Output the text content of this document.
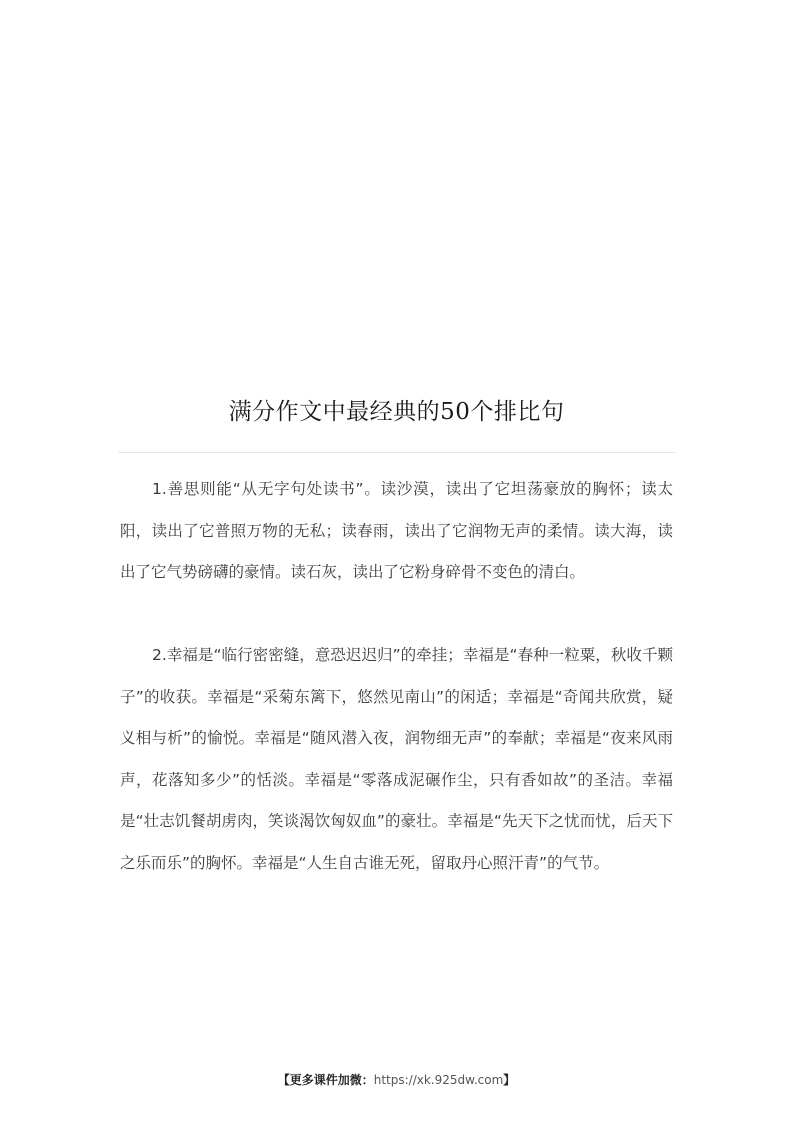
满分作文中最经典的50个排比句

1.善思则能“从无字句处读书”。读沙漠，读出了它坦荡豪放的胸怀；读太阳，读出了它普照万物的无私；读春雨，读出了它润物无声的柔情。读大海，读出了它气势磅礴的豪情。读石灰，读出了它粉身碎骨不变色的清白。

2.幸福是“临行密密缝，意恐迟迟归”的牵挂；幸福是“春种一粒粟，秋收千颗子”的收获。幸福是“采菊东篱下，悠然见南山”的闲适；幸福是“奇闻共欣赏，疑义相与析”的愉悦。幸福是“随风潜入夜，润物细无声”的奉献；幸福是“夜来风雨声，花落知多少”的恬淡。幸福是“零落成泥碾作尘，只有香如故”的圣洁。幸福是“壮志饥餐胡虏肉，笑谈渴饮匈奴血”的豪壮。幸福是“先天下之忧而忧，后天下之乐而乐”的胸怀。幸福是“人生自古谁无死，留取丹心照汗青”的气节。

【更多课件加微：https://xk.925dw.com】
